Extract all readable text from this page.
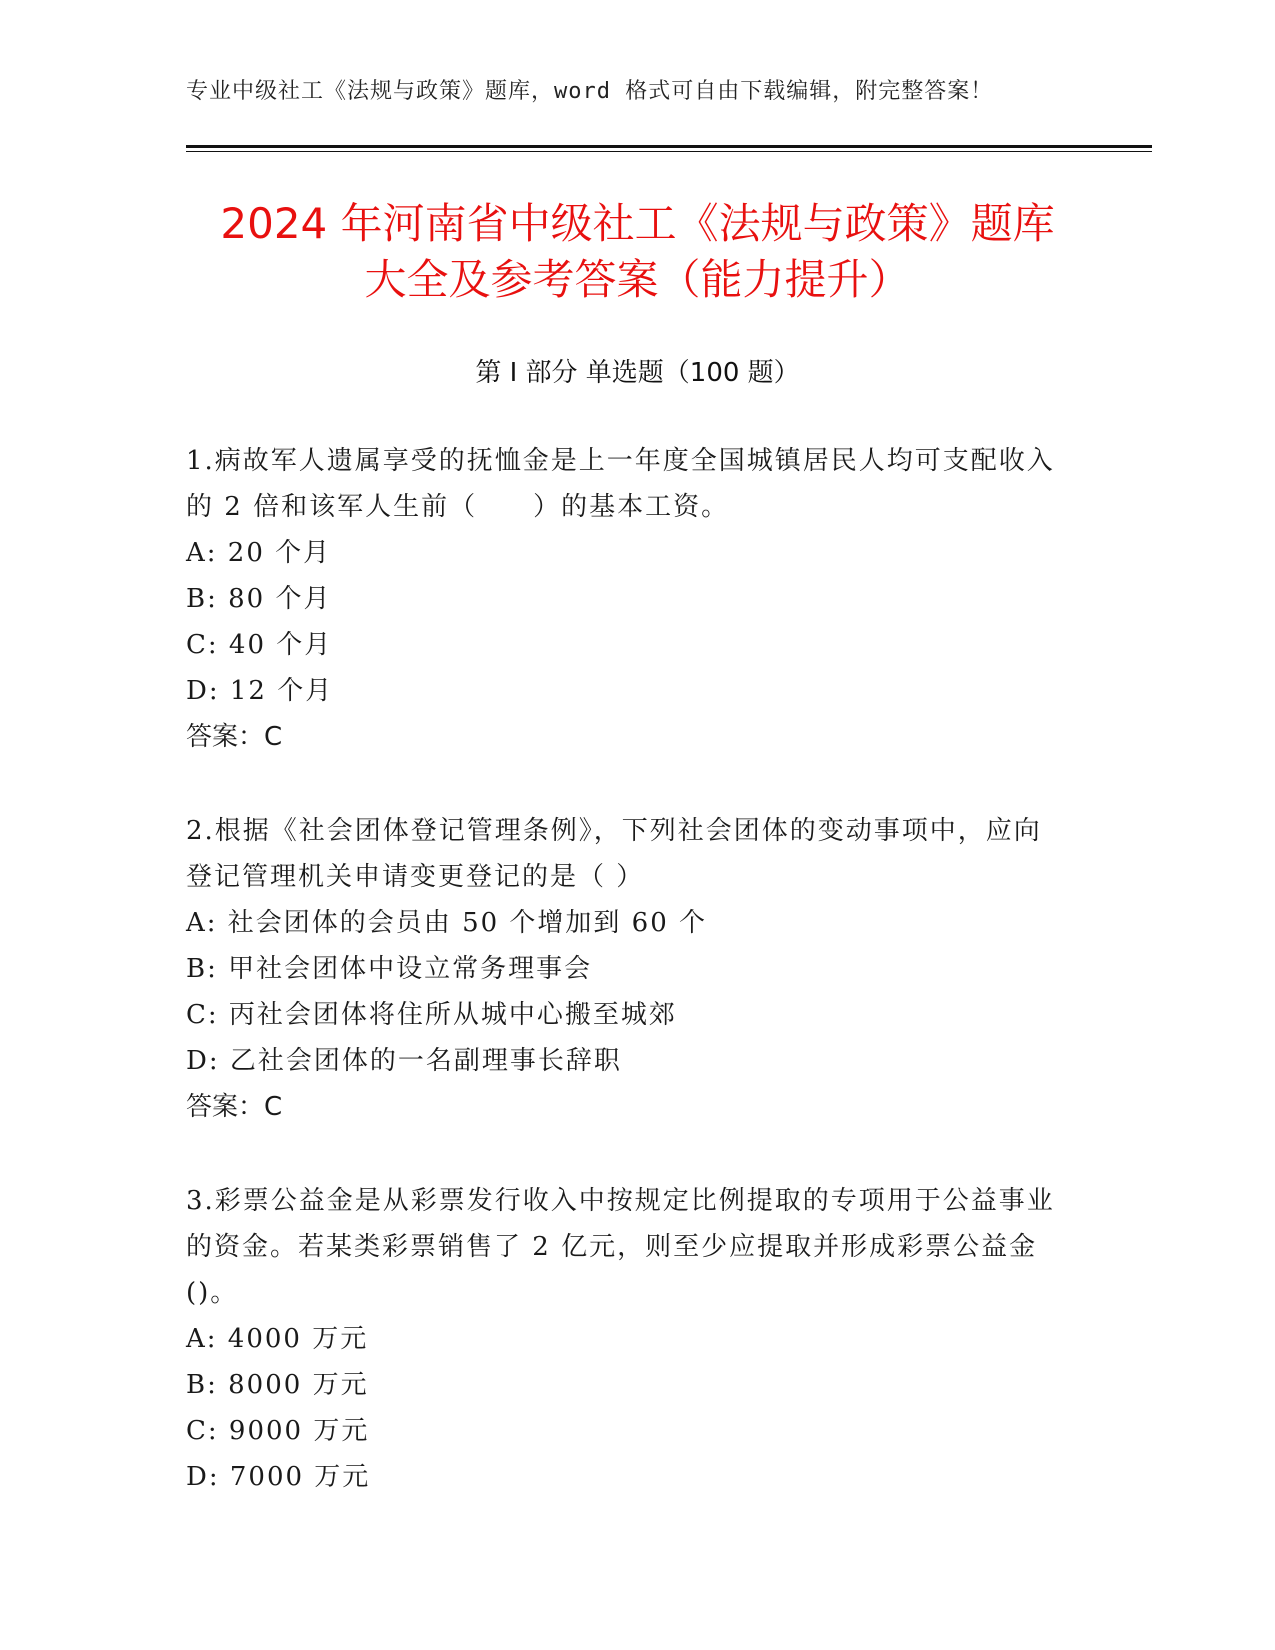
专业中级社工《法规与政策》题库，word 格式可自由下载编辑，附完整答案！
2024 年河南省中级社工《法规与政策》题库
大全及参考答案（能力提升）
第 I 部分 单选题（100 题）
1.病故军人遗属享受的抚恤金是上一年度全国城镇居民人均可支配收入的 2 倍和该军人生前（　　）的基本工资。
A: 20 个月
B: 80 个月
C: 40 个月
D: 12 个月
答案：C
2.根据《社会团体登记管理条例》，下列社会团体的变动事项中，应向登记管理机关申请变更登记的是（ ）
A: 社会团体的会员由 50 个增加到 60 个
B: 甲社会团体中设立常务理事会
C: 丙社会团体将住所从城中心搬至城郊
D: 乙社会团体的一名副理事长辞职
答案：C
3.彩票公益金是从彩票发行收入中按规定比例提取的专项用于公益事业的资金。若某类彩票销售了 2 亿元，则至少应提取并形成彩票公益金()。
A: 4000 万元
B: 8000 万元
C: 9000 万元
D: 7000 万元
